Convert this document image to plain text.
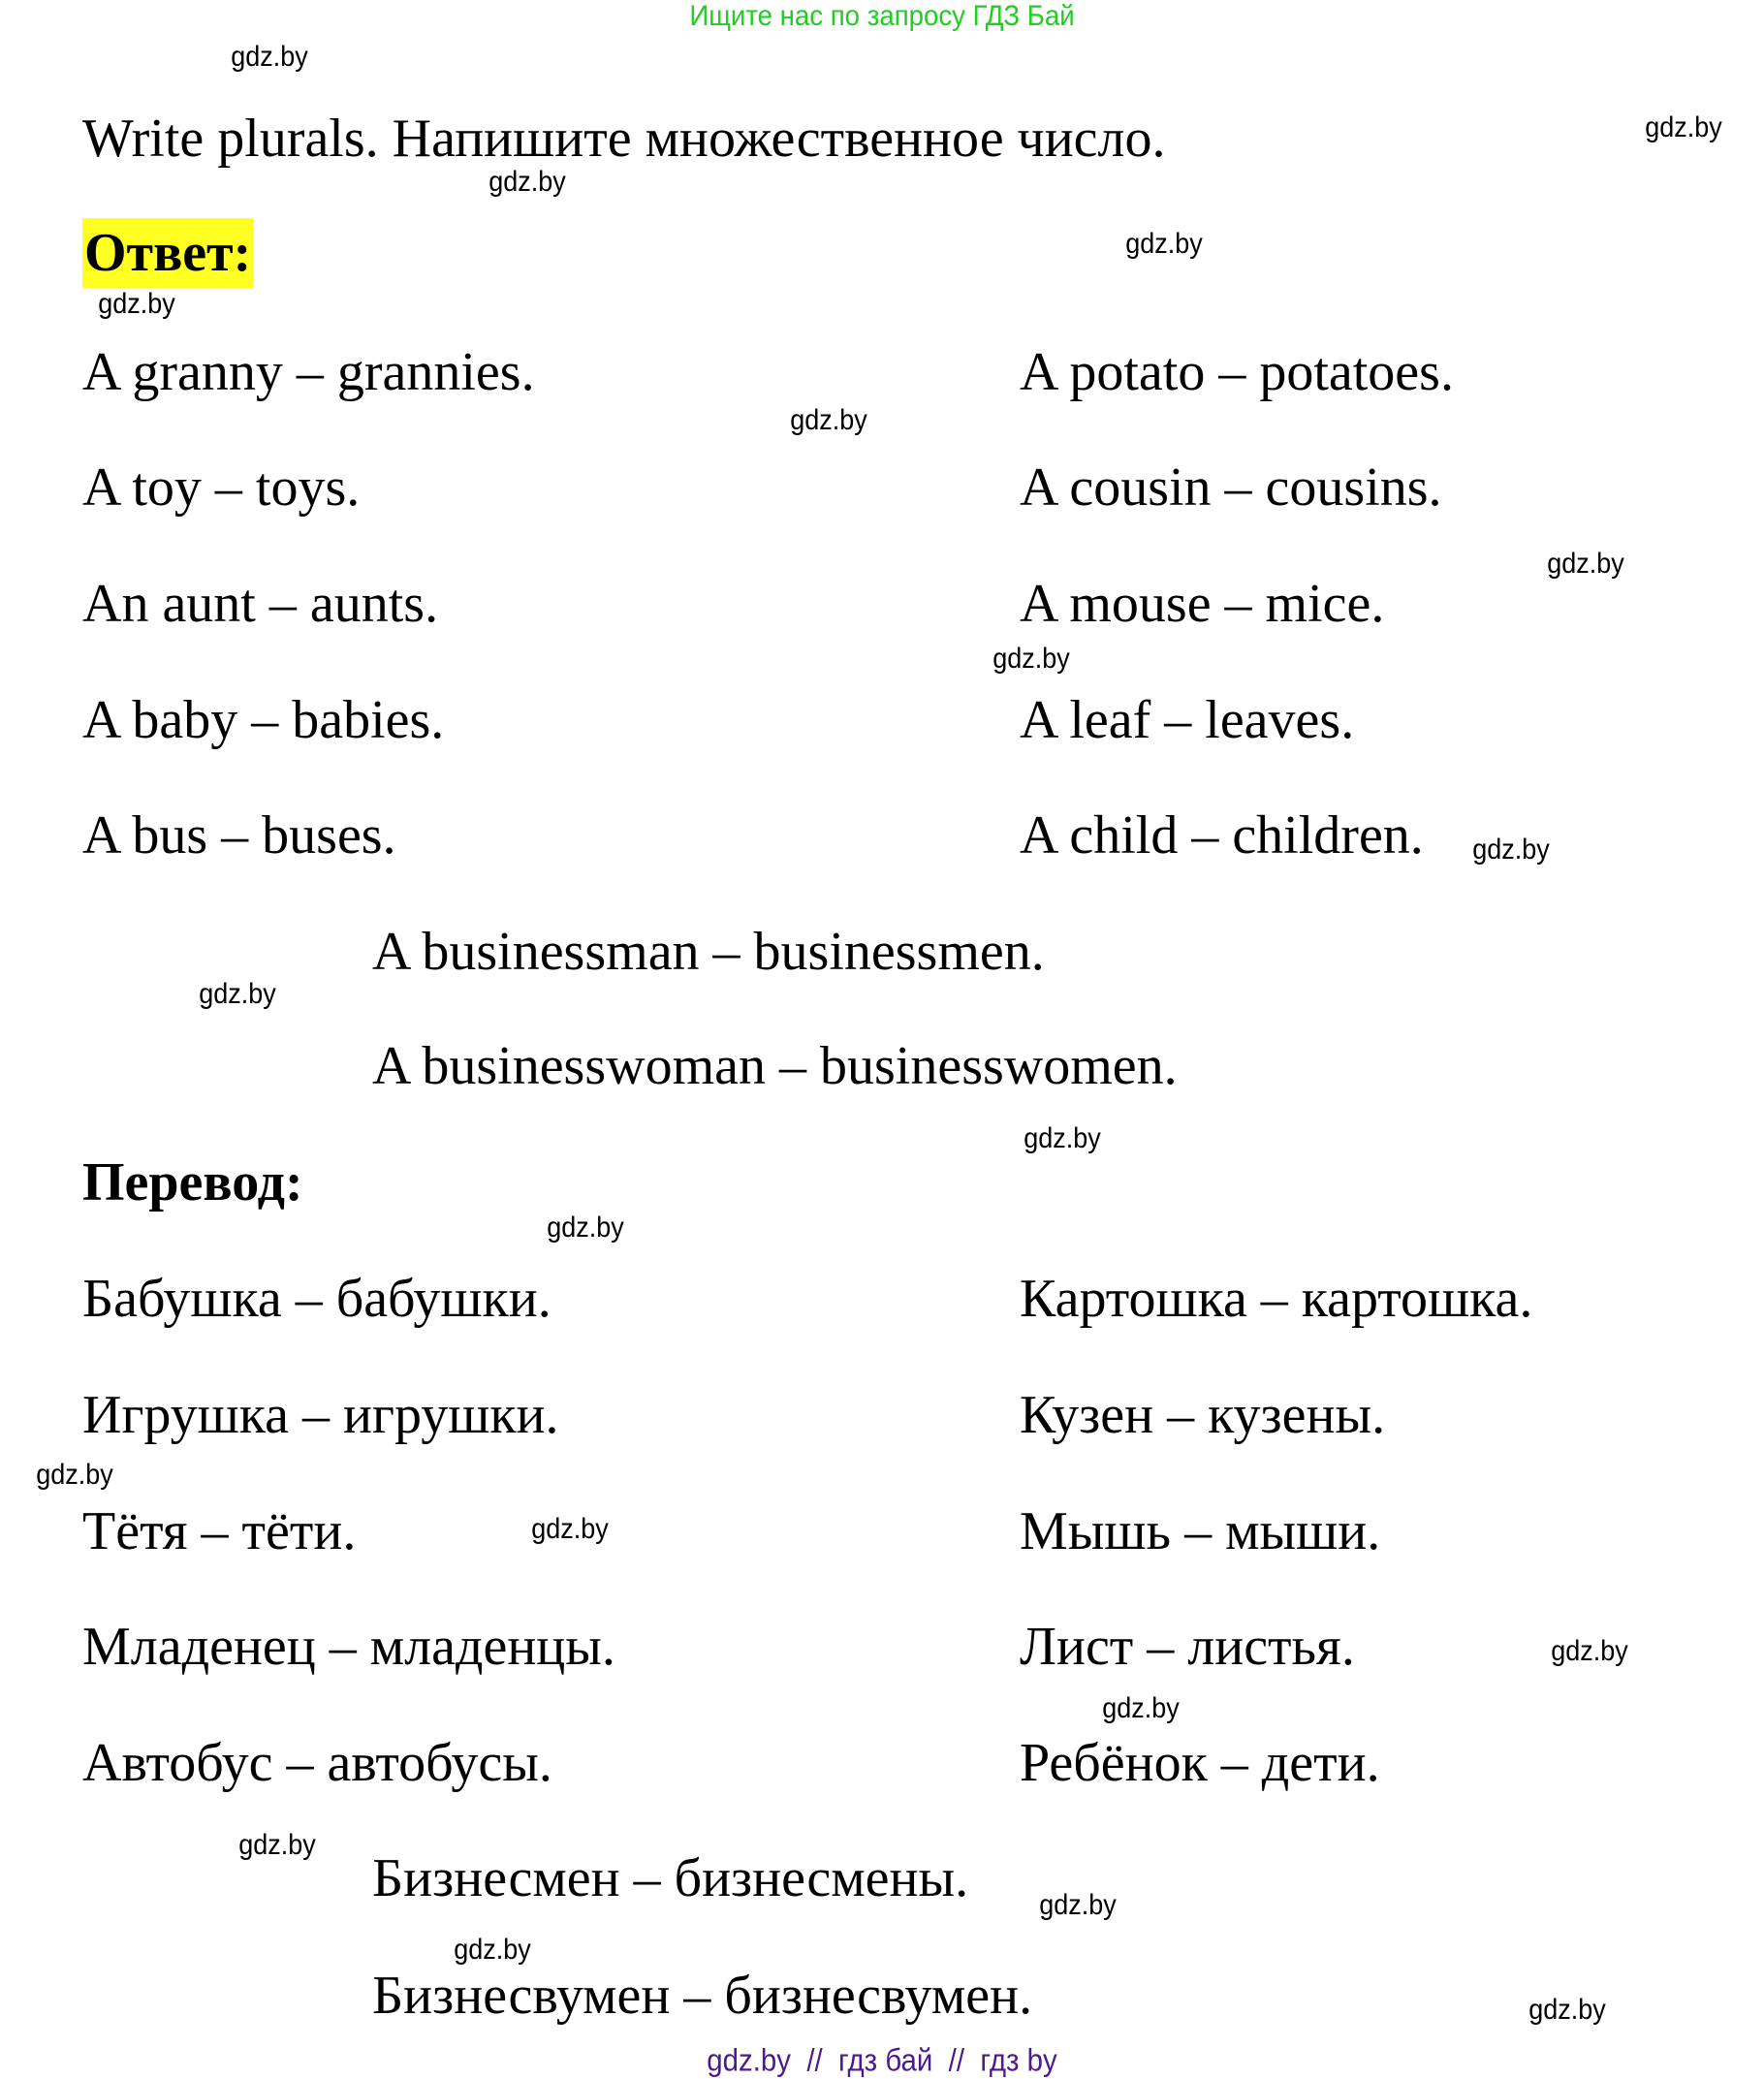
Ищите нас по запросу ГДЗ Бай
Write plurals. Напишите множественное число.
Ответ:
A granny – grannies.
A toy – toys.
An aunt – aunts.
A baby – babies.
A bus – buses.
A potato – potatoes.
A cousin – cousins.
A mouse – mice.
A leaf – leaves.
A child – children.
A businessman – businessmen.
A businesswoman – businesswomen.
Перевод:
Бабушка – бабушки.
Игрушка – игрушки.
Тётя – тёти.
Младенец – младенцы.
Автобус – автобусы.
Картошка – картошка.
Кузен – кузены.
Мышь – мыши.
Лист – листья.
Ребёнок – дети.
Бизнесмен – бизнесмены.
Бизнесвумен – бизнесвумен.
gdz.by
gdz.by
gdz.by
gdz.by
gdz.by
gdz.by
gdz.by
gdz.by
gdz.by
gdz.by
gdz.by
gdz.by
gdz.by
gdz.by
gdz.by
gdz.by
gdz.by
gdz.by
gdz.by
gdz.by
gdz.by  //  гдз бай  //  гдз by
